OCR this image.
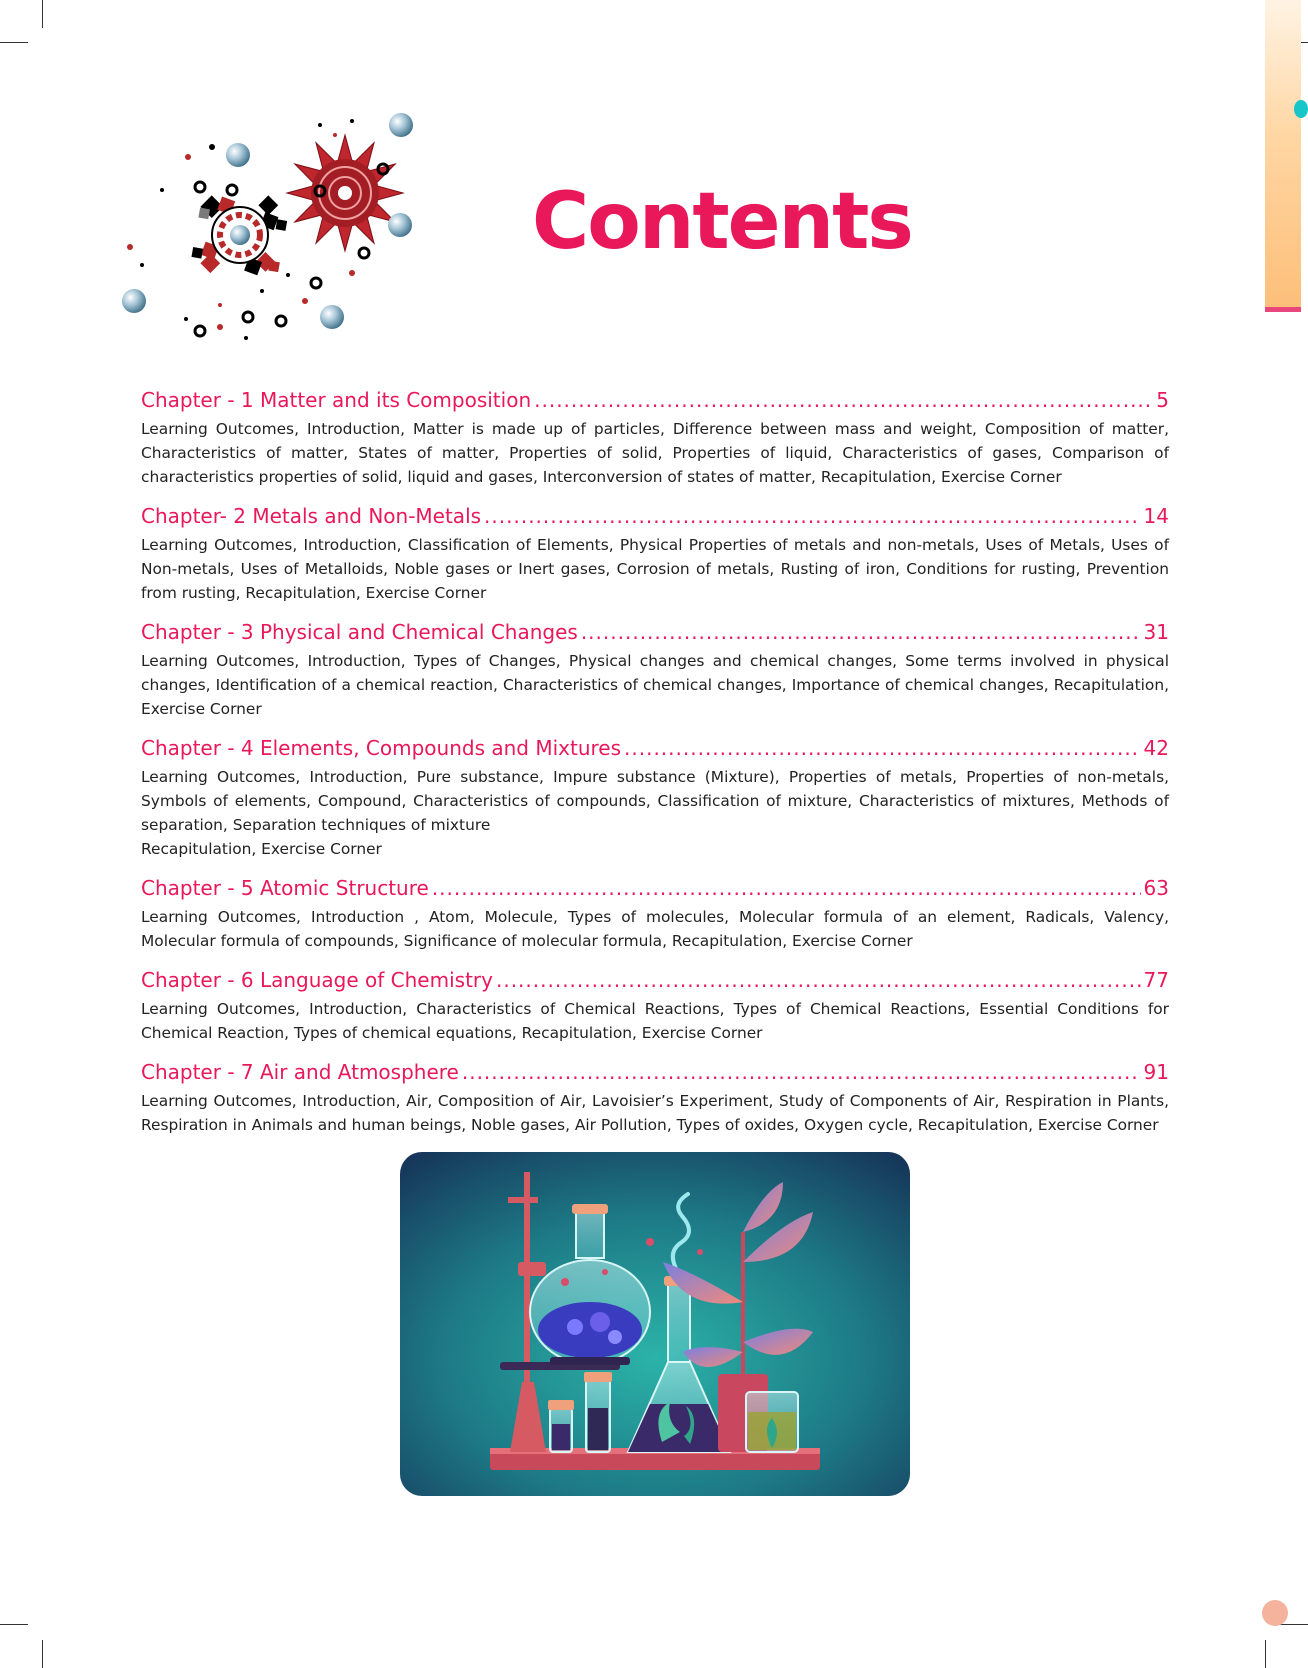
Contents
Chapter - 1 Matter and its Composition .....	5

Learning Outcomes, Introduction, Matter is made up of particles, Difference between mass and weight, Composition of matter, Characteristics of matter, States of matter, Properties of solid, Properties of liquid, Characteristics of gases, Comparison of characteristics properties of solid, liquid and gases, Interconversion of states of matter, Recapitulation, Exercise Corner

Chapter- 2 Metals and Non-Metals .....	14

Learning Outcomes, Introduction, Classification of Elements, Physical Properties of metals and non-metals, Uses of Metals, Uses of Non-metals, Uses of Metalloids, Noble gases or Inert gases, Corrosion of metals, Rusting of iron, Conditions for rusting, Prevention from rusting, Recapitulation, Exercise Corner

Chapter - 3 Physical and Chemical Changes .....	31

Learning Outcomes, Introduction, Types of Changes, Physical changes and chemical changes, Some terms involved in physical changes, Identification of a chemical reaction, Characteristics of chemical changes, Importance of chemical changes, Recapitulation, Exercise Corner

Chapter - 4 Elements, Compounds and Mixtures .....	42

Learning Outcomes, Introduction, Pure substance, Impure substance (Mixture), Properties of metals, Properties of non-metals, Symbols of elements, Compound, Characteristics of compounds, Classification of mixture, Characteristics of mixtures, Methods of separation, Separation techniques of mixture

Recapitulation, Exercise Corner
Chapter - 5 Atomic Structure .....	63

Learning Outcomes, Introduction , Atom, Molecule, Types of molecules, Molecular formula of an element, Radicals, Valency, Molecular formula of compounds, Significance of molecular formula, Recapitulation, Exercise Corner

Chapter - 6 Language of Chemistry .....	77

Learning Outcomes, Introduction, Characteristics of Chemical Reactions, Types of Chemical Reactions, Essential Conditions for Chemical Reaction, Types of chemical equations, Recapitulation, Exercise Corner

Chapter - 7 Air and Atmosphere .....	91

Learning Outcomes, Introduction, Air, Composition of Air, Lavoisier’s Experiment, Study of Components of Air, Respiration in Plants, Respiration in Animals and human beings, Noble gases, Air Pollution, Types of oxides, Oxygen cycle, Recapitulation, Exercise Corner
